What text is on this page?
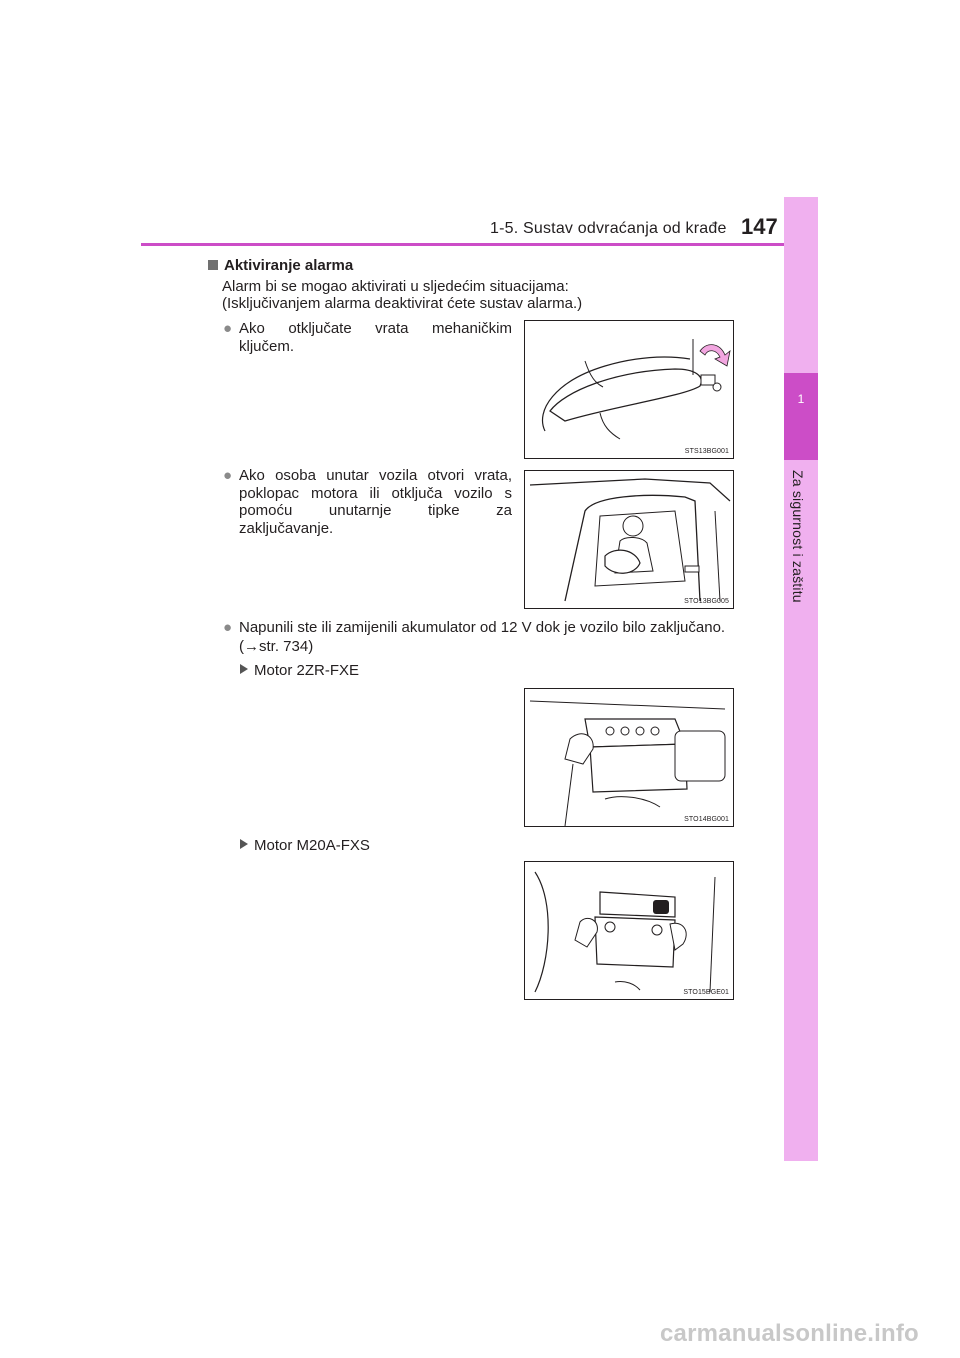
1-5. Sustav odvraćanja od krađe 147
1
Za sigurnost i zaštitu
Aktiviranje alarma
Alarm bi se mogao aktivirati u sljedećim situacijama:
(Isključivanjem alarma deaktivirat ćete sustav alarma.)
● Ako otključate vrata mehaničkim ključem.
STS13BG001
● Ako osoba unutar vozila otvori vrata, poklopac motora ili otključa vozilo s pomoću unutarnje tipke za zaključavanje.
STO13BG005
● Napunili ste ili zamijenili akumulator od 12 V dok je vozilo bilo zaključano.
(→str. 734)
Motor 2ZR-FXE
STO14BG001
Motor M20A-FXS
STO15BGE01
carmanualsonline.info
